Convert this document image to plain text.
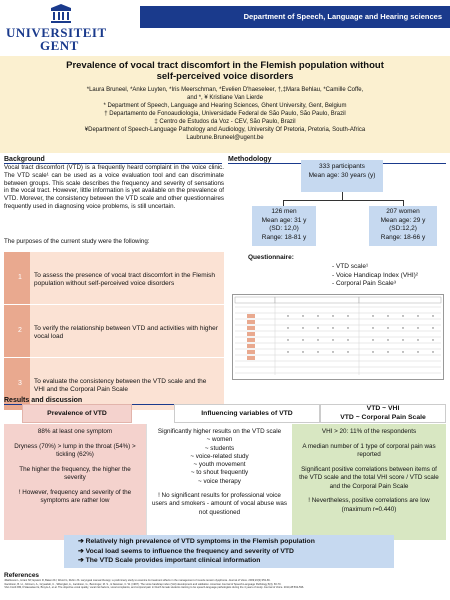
UNIVERSITEIT
GENT
Department of Speech, Language and Hearing sciences
Prevalence of vocal tract discomfort in the Flemish population without
self-perceived voice disorders
*Laura Bruneel, *Anke Luyten, *Iris Meerschman, *Evelien D'haeseleer, †,‡Mara Behlau, *Camille Coffe,
and *, ¥ Kristiane Van Lierde
* Department of Speech, Language and Hearing Sciences, Ghent University, Gent, Belgium
† Departamento de Fonoaudiologia, Universidade Federal de São Paulo, São Paulo, Brazil
‡ Centro de Estudos da Voz - CEV, São Paulo, Brazil
¥Department of Speech-Language Pathology and Audiology, University Of Pretoria, Pretoria, South-Africa
Laubrune.Bruneel@ugent.be
Background
Vocal tract discomfort (VTD) is a frequently heard complaint in the voice clinic. The VTD scale¹ can be used as a voice evaluation tool and can discriminate between groups. This scale describes the frequency and severity of sensations in the vocal tract. However, little information is yet available on the prevalence of VTD. Morever, the consistency between the VTD scale and other questionnaires frequently used in diagnosing voice problems, is still uncertain.
The purposes of the current study were the following:
1	To assess the presence of vocal tract discomfort in the Flemish population without self-perceived voice disorders
2	To verify the relationship between VTD and activities with higher vocal load
3	To evaluate the consistency between the VTD scale and the VHI and the Corporal Pain Scale
Methodology
333 participants
Mean age: 30 years (y)
126 men
Mean age: 31 y
(SD: 12,0)
Range: 18-81 y
207 women
Mean age: 29 y
(SD:12,2)
Range: 18-66 y
Questionnaire:
- VTD scale¹
- Voice Handicap Index (VHI)²
- Corporal Pain Scale³
Results and discussion
Prevalence of VTD	Influencing variables of VTD
VTD ~ VHI
VTD ~ Corporal Pain Scale

88% at least one symptom

Dryness (70%) > lump in the throat (54%) > tickling (62%)

The higher the frequency, the higher the severity

! However, frequency and severity of the symptoms are rather low

Significantly higher results on the VTD scale
~ women
~ students
~ voice-related study
~ youth movement
~ to shout frequently
~ voice therapy
! No significant results for professional voice users and smokers - amount of vocal abuse was not questioned

VHI > 20: 11% of the respondents

A median number of 1 type of corporal pain was reported

Significant positive correlations between items of the VTD scale and the total VHI score / VTD scale and the Corporal Pain Scale

! Nevertheless, positive correlations are low (maximum r=0.440)

➔ Relatively high prevalence of VTD symptoms in the Flemish population
➔ Vocal load seems to influence the frequency and severity of VTD
➔ The VTD Scale provides important clinical information
References
¹Mathieson L, Hirani SP, Epstein R, Baken RJ, Wood G, Rubin JS. Laryngeal manual therapy: a preliminary study to examine its treatment effects in the management of muscle tension dysphonia. Journal of Voice. 2009;23(3):353-66.
²Jacobson, B. H., Johnson, A., Grywalski, C., Silbergleit, A., Jacobson, G., Benninger, M. S., & Newman, C. W. (1997). The voice handicap index (VHI) development and validation. American Journal of Speech-Language Pathology,6(3), 66-70.
³Van Cordt RM, D'Haeseleer E, Bruyts A, et al. The objective vocal quality, vocal risk factors, vocal complaints, and corporal pain in Dutch female students training to be speech-language pathologists during the 4 years of study. Journal of Voice. 2014;28:592-596.
